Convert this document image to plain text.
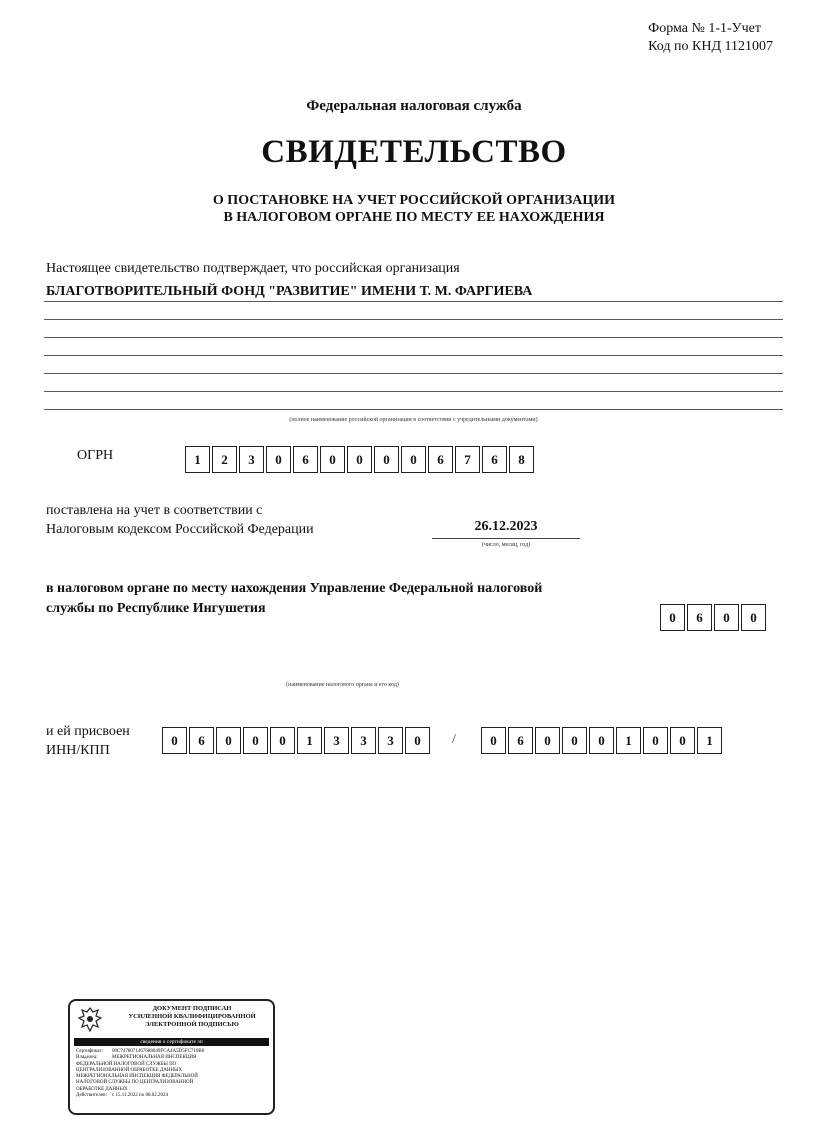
Форма № 1-1-Учет
Код по КНД 1121007
Федеральная налоговая служба
СВИДЕТЕЛЬСТВО
О ПОСТАНОВКЕ НА УЧЕТ РОССИЙСКОЙ ОРГАНИЗАЦИИ
В НАЛОГОВОМ ОРГАНЕ ПО МЕСТУ ЕЕ НАХОЖДЕНИЯ
Настоящее свидетельство подтверждает, что российская организация
БЛАГОТВОРИТЕЛЬНЫЙ ФОНД "РАЗВИТИЕ" ИМЕНИ Т. М. ФАРГИЕВА
(полное наименование российской организации в соответствии с учредительными документами)
ОГРН	1	2	3	0	6	0	0	0	0	6	7	6	8
поставлена на учет в соответствии с
Налоговым кодексом Российской Федерации	26.12.2023
(число, месяц, год)
в налоговом органе по месту нахождения Управление Федеральной налоговой
службы по Республике Ингушетия
0	6	0	0
(наименование налогового органа и его код)
и ей присвоен
ИНН/КПП
0	6	0	0	0	1	3	3	3	0	/	0	6	0	0	0	1	0	0	1
ДОКУМЕНТ ПОДПИСАН
УСИЛЕННОЙ КВАЛИФИЦИРОВАННОЙ
ЭЛЕКТРОННОЙ ПОДПИСЬЮ
сведения о сертификате эп
Сертификат: 00C7478071467688049FCA4A5D5FC719B0
Владелец:	МЕЖРЕГИОНАЛЬНАЯ ИНСПЕКЦИЯ
ФЕДЕРАЛЬНОЙ НАЛОГОВОЙ СЛУЖБЫ ПО
ЦЕНТРАЛИЗОВАННОЙ ОБРАБОТКЕ ДАННЫХ
МЕЖРЕГИОНАЛЬНАЯ ИНСПЕКЦИЯ ФЕДЕРАЛЬНОЙ
НАЛОГОВОЙ СЛУЖБЫ ПО ЦЕНТРАЛИЗОВАННОЙ
ОБРАБОТКЕ ДАННЫХ
Действителен: с 15.11.2022 по 08.02.2024
